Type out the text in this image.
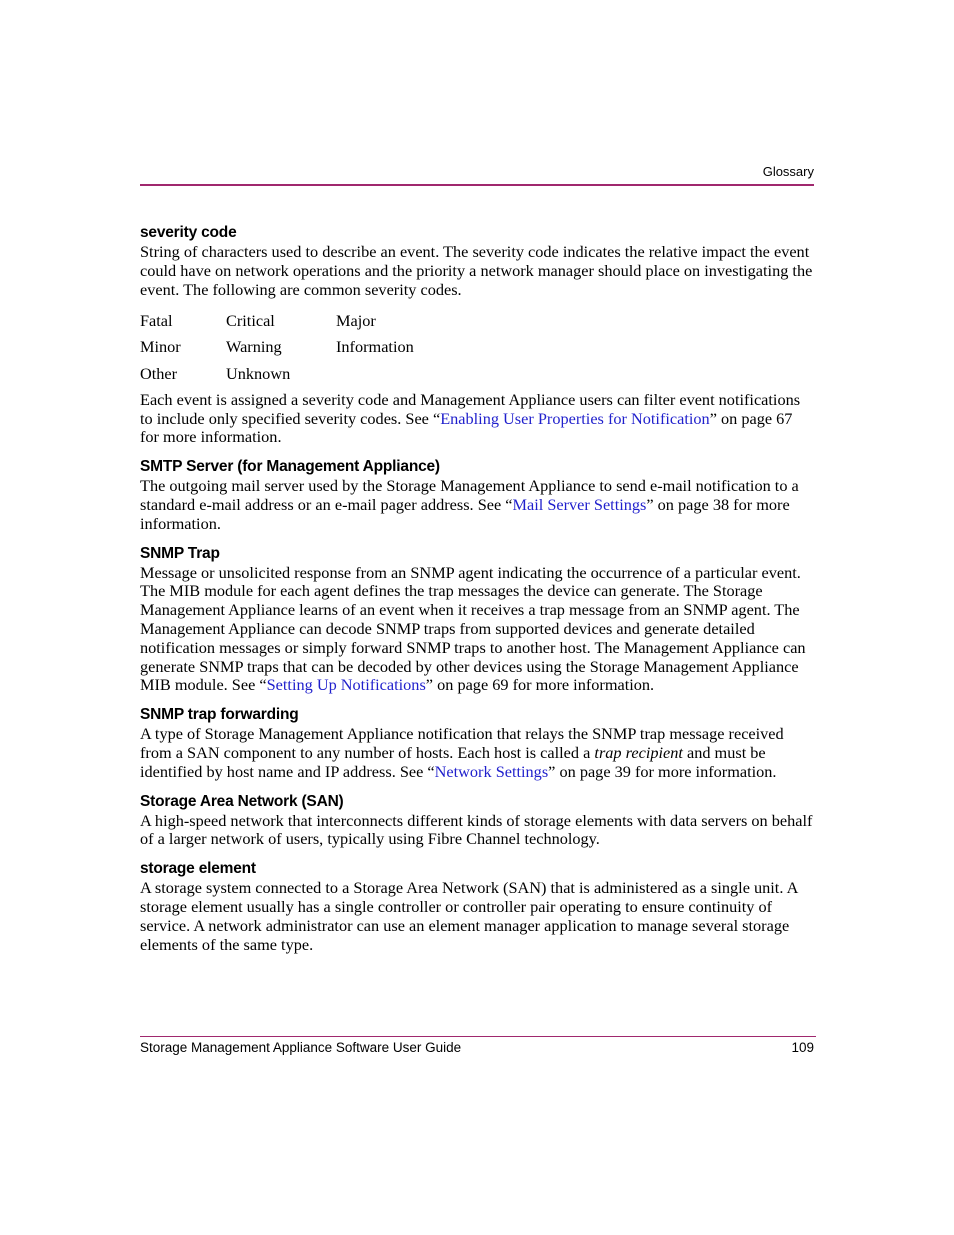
Glossary
severity code

String of characters used to describe an event. The severity code indicates the relative impact the event could have on network operations and the priority a network manager should place on investigating the event. The following are common severity codes.

Fatal	Critical	Major
Minor	Warning	Information
Other	Unknown

Each event is assigned a severity code and Management Appliance users can filter event notifications to include only specified severity codes. See “Enabling User Properties for Notification” on page 67 for more information.

SMTP Server (for Management Appliance)

The outgoing mail server used by the Storage Management Appliance to send e-mail notification to a standard e-mail address or an e-mail pager address. See “Mail Server Settings” on page 38 for more information.

SNMP Trap

Message or unsolicited response from an SNMP agent indicating the occurrence of a particular event. The MIB module for each agent defines the trap messages the device can generate. The Storage Management Appliance learns of an event when it receives a trap message from an SNMP agent. The Management Appliance can decode SNMP traps from supported devices and generate detailed notification messages or simply forward SNMP traps to another host. The Management Appliance can generate SNMP traps that can be decoded by other devices using the Storage Management Appliance MIB module. See “Setting Up Notifications” on page 69 for more information.

SNMP trap forwarding

A type of Storage Management Appliance notification that relays the SNMP trap message received from a SAN component to any number of hosts. Each host is called a trap recipient and must be identified by host name and IP address. See “Network Settings” on page 39 for more information.

Storage Area Network (SAN)

A high-speed network that interconnects different kinds of storage elements with data servers on behalf of a larger network of users, typically using Fibre Channel technology.

storage element

A storage system connected to a Storage Area Network (SAN) that is administered as a single unit. A storage element usually has a single controller or controller pair operating to ensure continuity of service. A network administrator can use an element manager application to manage several storage elements of the same type.

Storage Management Appliance Software User Guide	109
